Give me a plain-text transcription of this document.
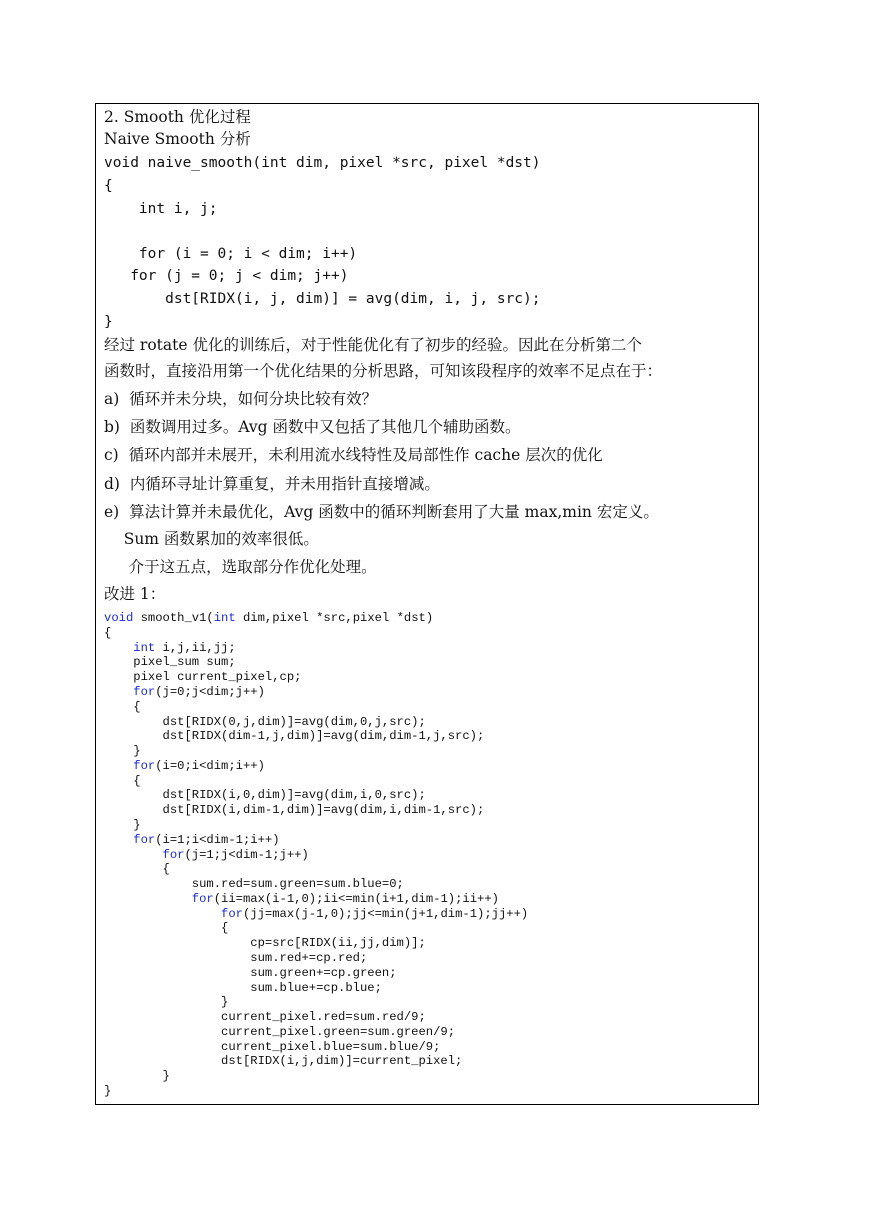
2. Smooth 优化过程
Naive Smooth 分析
void naive_smooth(int dim, pixel *src, pixel *dst)
{
int i, j;
for (i = 0; i < dim; i++)
for (j = 0; j < dim; j++)
dst[RIDX(i, j, dim)] = avg(dim, i, j, src);
}
经过 rotate 优化的训练后，对于性能优化有了初步的经验。因此在分析第二个
函数时，直接沿用第一个优化结果的分析思路，可知该段程序的效率不足点在于：
a)  循环并未分块，如何分块比较有效？
b)  函数调用过多。Avg 函数中又包括了其他几个辅助函数。
c)  循环内部并未展开，未利用流水线特性及局部性作 cache 层次的优化
d)  内循环寻址计算重复，并未用指针直接增减。
e)  算法计算并未最优化，Avg 函数中的循环判断套用了大量 max,min 宏定义。
Sum 函数累加的效率很低。
介于这五点，选取部分作优化处理。
改进 1：
void smooth_v1(int dim,pixel *src,pixel *dst)
{
int i,j,ii,jj;
pixel_sum sum;
pixel current_pixel,cp;
for(j=0;j<dim;j++)
{
dst[RIDX(0,j,dim)]=avg(dim,0,j,src);
dst[RIDX(dim-1,j,dim)]=avg(dim,dim-1,j,src);
}
for(i=0;i<dim;i++)
{
dst[RIDX(i,0,dim)]=avg(dim,i,0,src);
dst[RIDX(i,dim-1,dim)]=avg(dim,i,dim-1,src);
}
for(i=1;i<dim-1;i++)
for(j=1;j<dim-1;j++)
{
sum.red=sum.green=sum.blue=0;
for(ii=max(i-1,0);ii<=min(i+1,dim-1);ii++)
for(jj=max(j-1,0);jj<=min(j+1,dim-1);jj++)
{
cp=src[RIDX(ii,jj,dim)];
sum.red+=cp.red;
sum.green+=cp.green;
sum.blue+=cp.blue;
}
current_pixel.red=sum.red/9;
current_pixel.green=sum.green/9;
current_pixel.blue=sum.blue/9;
dst[RIDX(i,j,dim)]=current_pixel;
}
}
